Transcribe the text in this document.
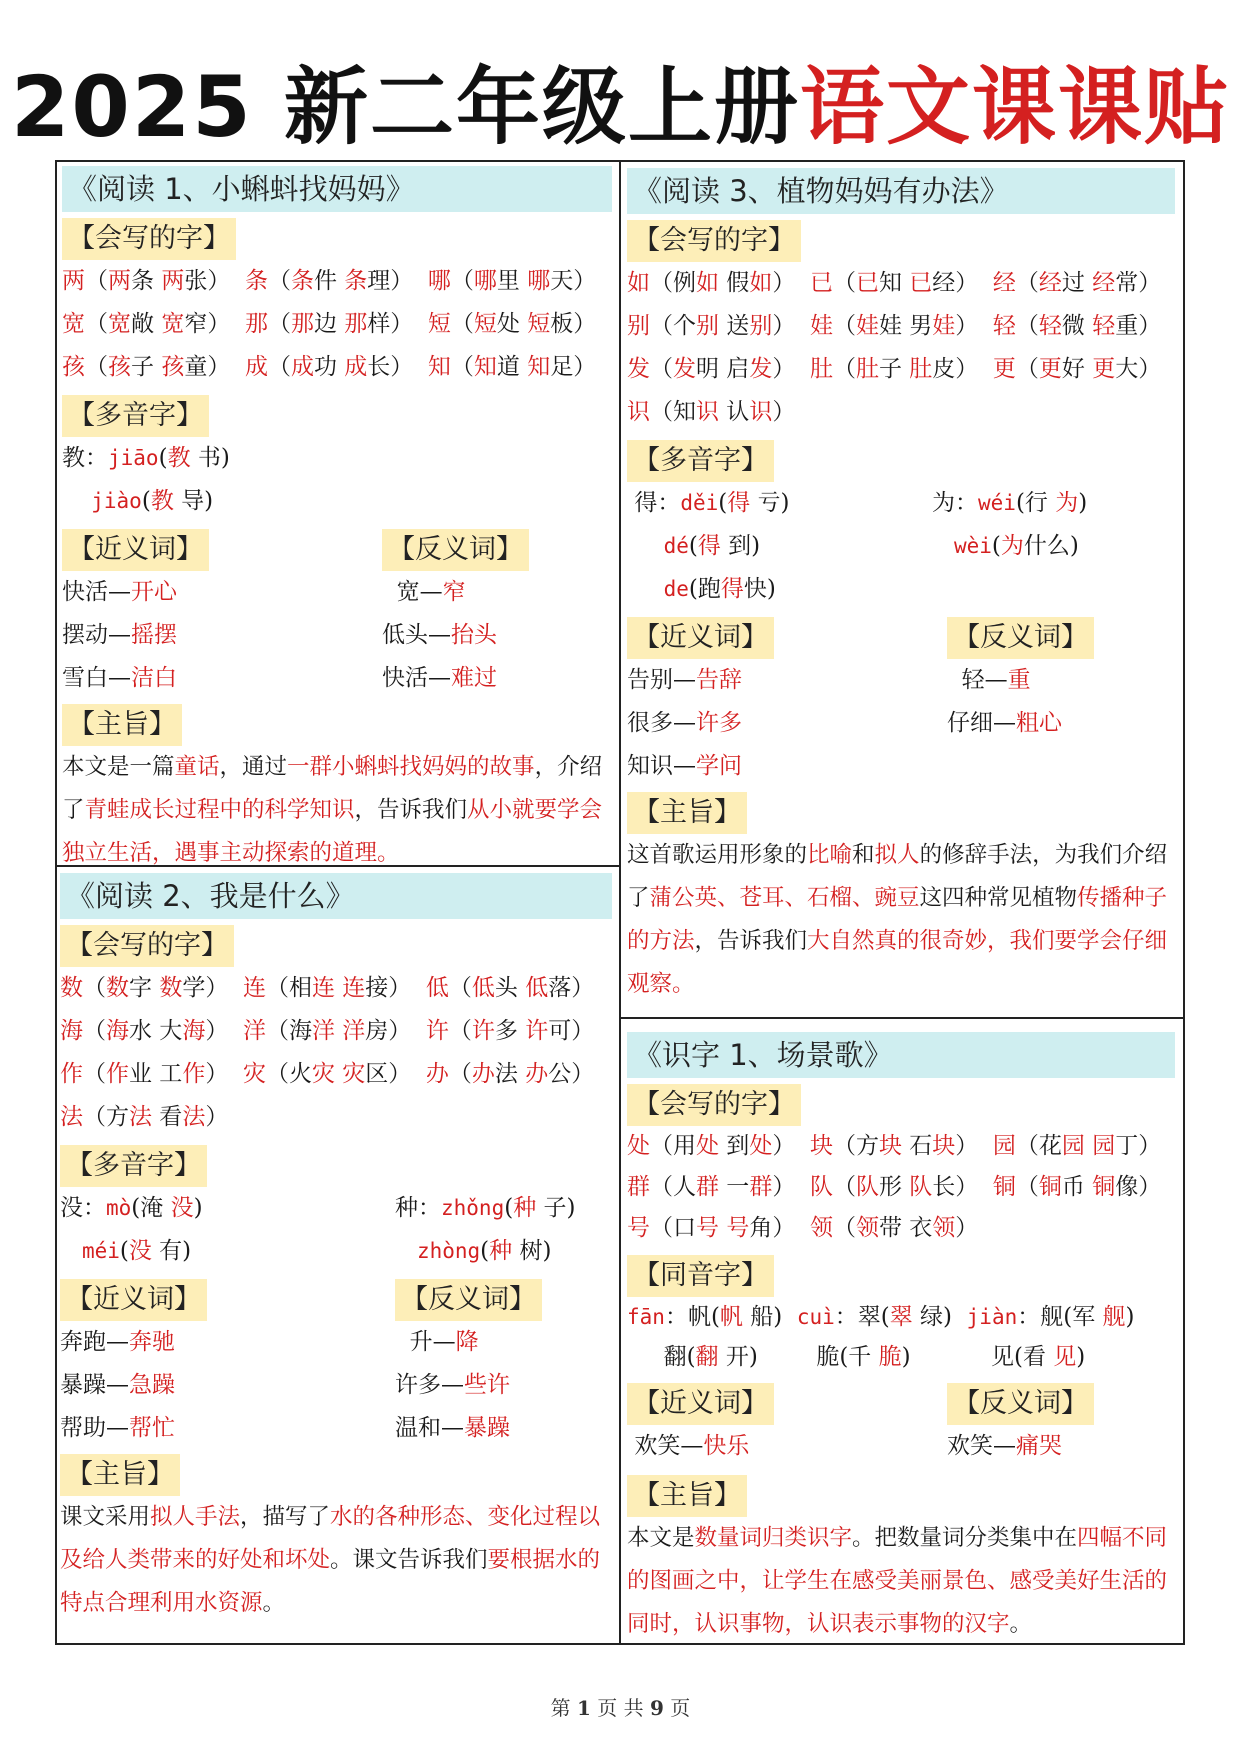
2025 新二年级上册语文课课贴
《阅读 1、小蝌蚪找妈妈》
【会写的字】
两（两条 两张） 条（条件 条理） 哪（哪里 哪天）
宽（宽敞 宽窄） 那（那边 那样） 短（短处 短板）
孩（孩子 孩童） 成（成功 成长） 知（知道 知足）
【多音字】
教：jiāo(教 书)
jiào(教 导)
【近义词】
快活—开心
摆动—摇摆
雪白—洁白
【反义词】
宽—窄
低头—抬头
快活—难过
【主旨】

本文是一篇童话，通过一群小蝌蚪找妈妈的故事，介绍了青蛙成长过程中的科学知识，告诉我们从小就要学会独立生活，遇事主动探索的道理。

《阅读 2、我是什么》
【会写的字】
数（数字 数学） 连（相连 连接） 低（低头 低落）
海（海水 大海） 洋（海洋 洋房） 许（许多 许可）
作（作业 工作） 灾（火灾 灾区） 办（办法 办公）
法（方法 看法）
【多音字】
没：mò(淹 没)
méi(没 有)
种：zhǒng(种 子)
zhòng(种 树)
【近义词】
奔跑—奔驰
暴躁—急躁
帮助—帮忙
【反义词】
升—降
许多—些许
温和—暴躁
【主旨】

课文采用拟人手法，描写了水的各种形态、变化过程以及给人类带来的好处和坏处。课文告诉我们要根据水的特点合理利用水资源。

《阅读 3、植物妈妈有办法》
【会写的字】
如（例如 假如） 已（已知 已经） 经（经过 经常）
别（个别 送别） 娃（娃娃 男娃） 轻（轻微 轻重）
发（发明 启发） 肚（肚子 肚皮） 更（更好 更大）
识（知识 认识）
【多音字】
得：děi(得 亏)
dé(得 到)
de(跑得快)
为：wéi(行 为)
wèi(为什么)
【近义词】
告别—告辞
很多—许多
知识—学问
【反义词】
轻—重
仔细—粗心
【主旨】

这首歌运用形象的比喻和拟人的修辞手法，为我们介绍了蒲公英、苍耳、石榴、豌豆这四种常见植物传播种子的方法，告诉我们大自然真的很奇妙，我们要学会仔细观察。

《识字 1、场景歌》
【会写的字】
处（用处 到处） 块（方块 石块） 园（花园 园丁）
群（人群 一群） 队（队形 队长） 铜（铜币 铜像）
号（口号 号角） 领（领带 衣领）
【同音字】
fān：帆(帆 船)  cuì：翠(翠 绿)  jiàn：舰(军 舰)
翻(翻 开)        脆(千 脆)           见(看 见)
【近义词】
欢笑—快乐
【反义词】
欢笑—痛哭
【主旨】

本文是数量词归类识字。把数量词分类集中在四幅不同的图画之中，让学生在感受美丽景色、感受美好生活的同时，认识事物，认识表示事物的汉字。

第 1 页 共 9 页
